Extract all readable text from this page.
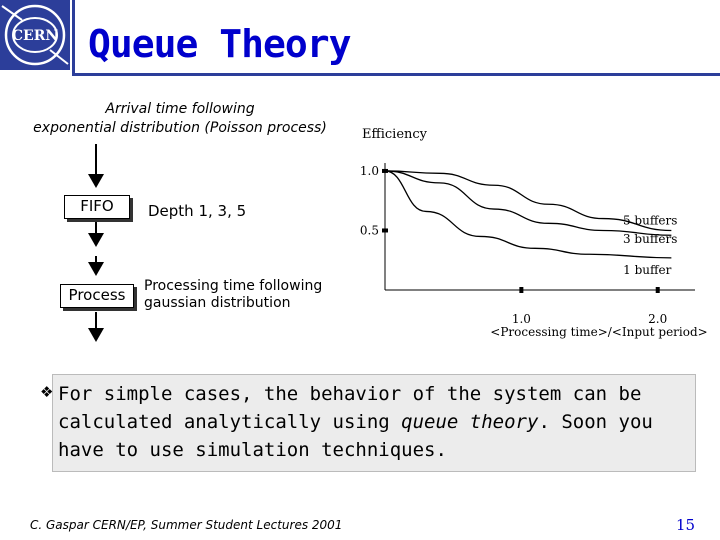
CERN Queue Theory
Arrival time following
exponential distribution (Poisson process)
FIFO	Depth 1, 3, 5
Process	Processing time following
gaussian distribution
Efficiency
1.0
0.5
1.0	2.0
5 buffers
3 buffers
1 buffer
<Processing time>/<Input period>
❖ For simple cases, the behavior of the system can be calculated analytically using queue theory. Soon you have to use simulation techniques.
C. Gaspar CERN/EP, Summer Student Lectures 2001	15
